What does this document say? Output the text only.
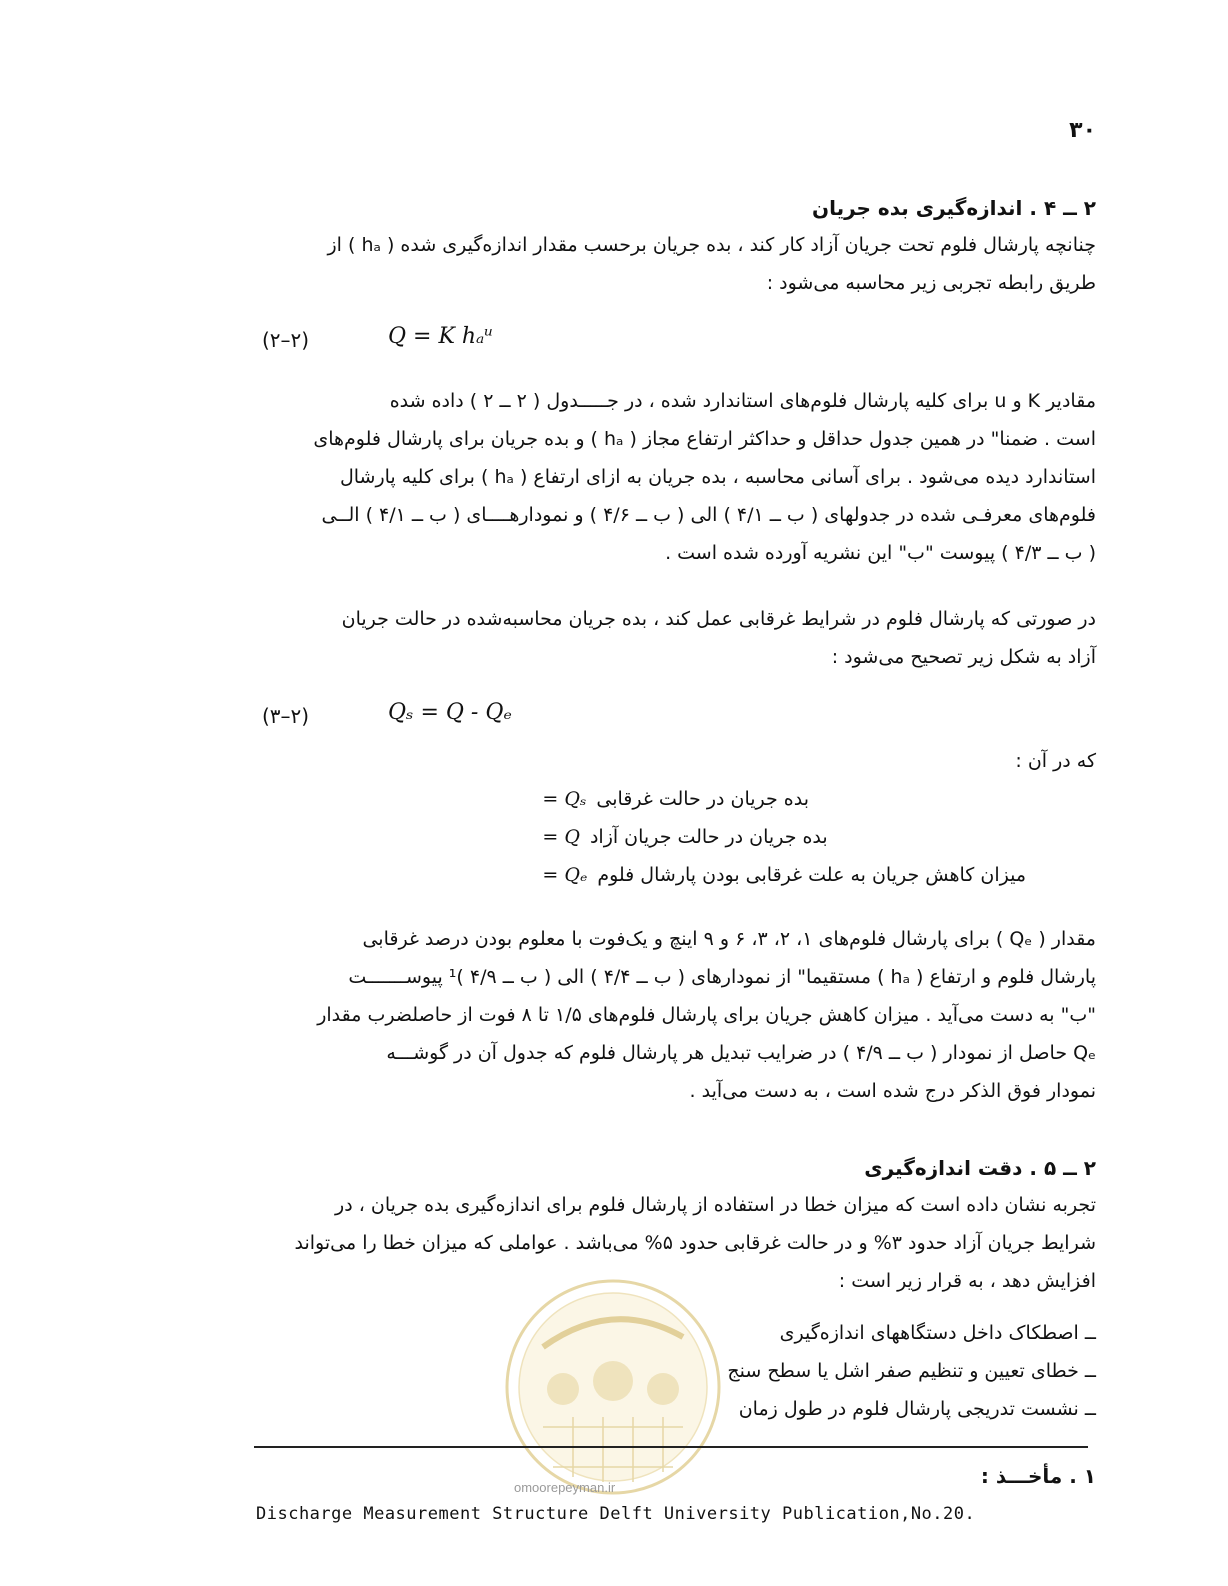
۳۰
۲ ــ ۴ . اندازه‌گیری بده جریان

چنانچه پارشال فلوم تحت جریان آزاد کار کند ، بده جریان برحسب مقدار اندازه‌گیری شده ( hₐ ) از

طریق رابطه تجربی زیر محاسبه می‌شود :

(۲–۲)	Q = K hₐᵘ

مقادیر K و u برای کلیه پارشال فلوم‌های استاندارد شده ، در جـــــدول ( ۲ ــ ۲ ) داده شده

است . ضمنا" در همین جدول حداقل و حداکثر ارتفاع مجاز ( hₐ ) و بده جریان برای پارشال فلوم‌های

استاندارد دیده می‌شود . برای آسانی محاسبه ، بده جریان به ازای ارتفاع ( hₐ ) برای کلیه پارشال

فلوم‌های معرفـی شده در جدولهای ( ب ــ ۴/۱ ) الی ( ب ــ ۴/۶ ) و نمودارهــــای ( ب ــ ۴/۱ ) الــی

( ب ــ ۴/۳ ) پیوست "ب" این نشریه آورده شده است .

در صورتی که پارشال فلوم در شرایط غرقابی عمل کند ، بده جریان محاسبه‌شده در حالت جریان

آزاد به شکل زیر تصحیح می‌شود :

(۳–۲)	Qₛ = Q - Qₑ
که در آن :
Qₛ = بده جریان در حالت غرقابی
Q = بده جریان در حالت جریان آزاد
Qₑ = میزان کاهش جریان به علت غرقابی بودن پارشال فلوم

مقدار ( Qₑ ) برای پارشال فلوم‌های ۱، ۲، ۳، ۶ و ۹ اینچ و یک‌فوت با معلوم بودن درصد غرقابی

پارشال فلوم و ارتفاع ( hₐ ) مستقیما" از نمودارهای ( ب ــ ۴/۴ ) الی ( ب ــ ۴/۹ )¹ پیوســـــــت

"ب" به دست می‌آید . میزان کاهش جریان برای پارشال فلوم‌های ۱/۵ تا ۸ فوت از حاصلضرب مقدار

Qₑ حاصل از نمودار ( ب ــ ۴/۹ ) در ضرایب تبدیل هر پارشال فلوم که جدول آن در گوشـــه

نمودار فوق الذکر درج شده است ، به دست می‌آید .

۲ ــ ۵ . دقت اندازه‌گیری

تجربه نشان داده است که میزان خطا در استفاده از پارشال فلوم برای اندازه‌گیری بده جریان ، در

شرایط جریان آزاد حدود ۳% و در حالت غرقابی حدود ۵% می‌باشد . عواملی که میزان خطا را می‌تواند

افزایش دهد ، به قرار زیر است :

ــ اصطکاک داخل دستگاههای اندازه‌گیری
ــ خطای تعیین و تنظیم صفر اشل یا سطح سنج
ــ نشست تدریجی پارشال فلوم در طول زمان
omoorepeyman.ir	۱ . مأخـــذ :
Discharge Measurement Structure Delft University Publication,No.20.
